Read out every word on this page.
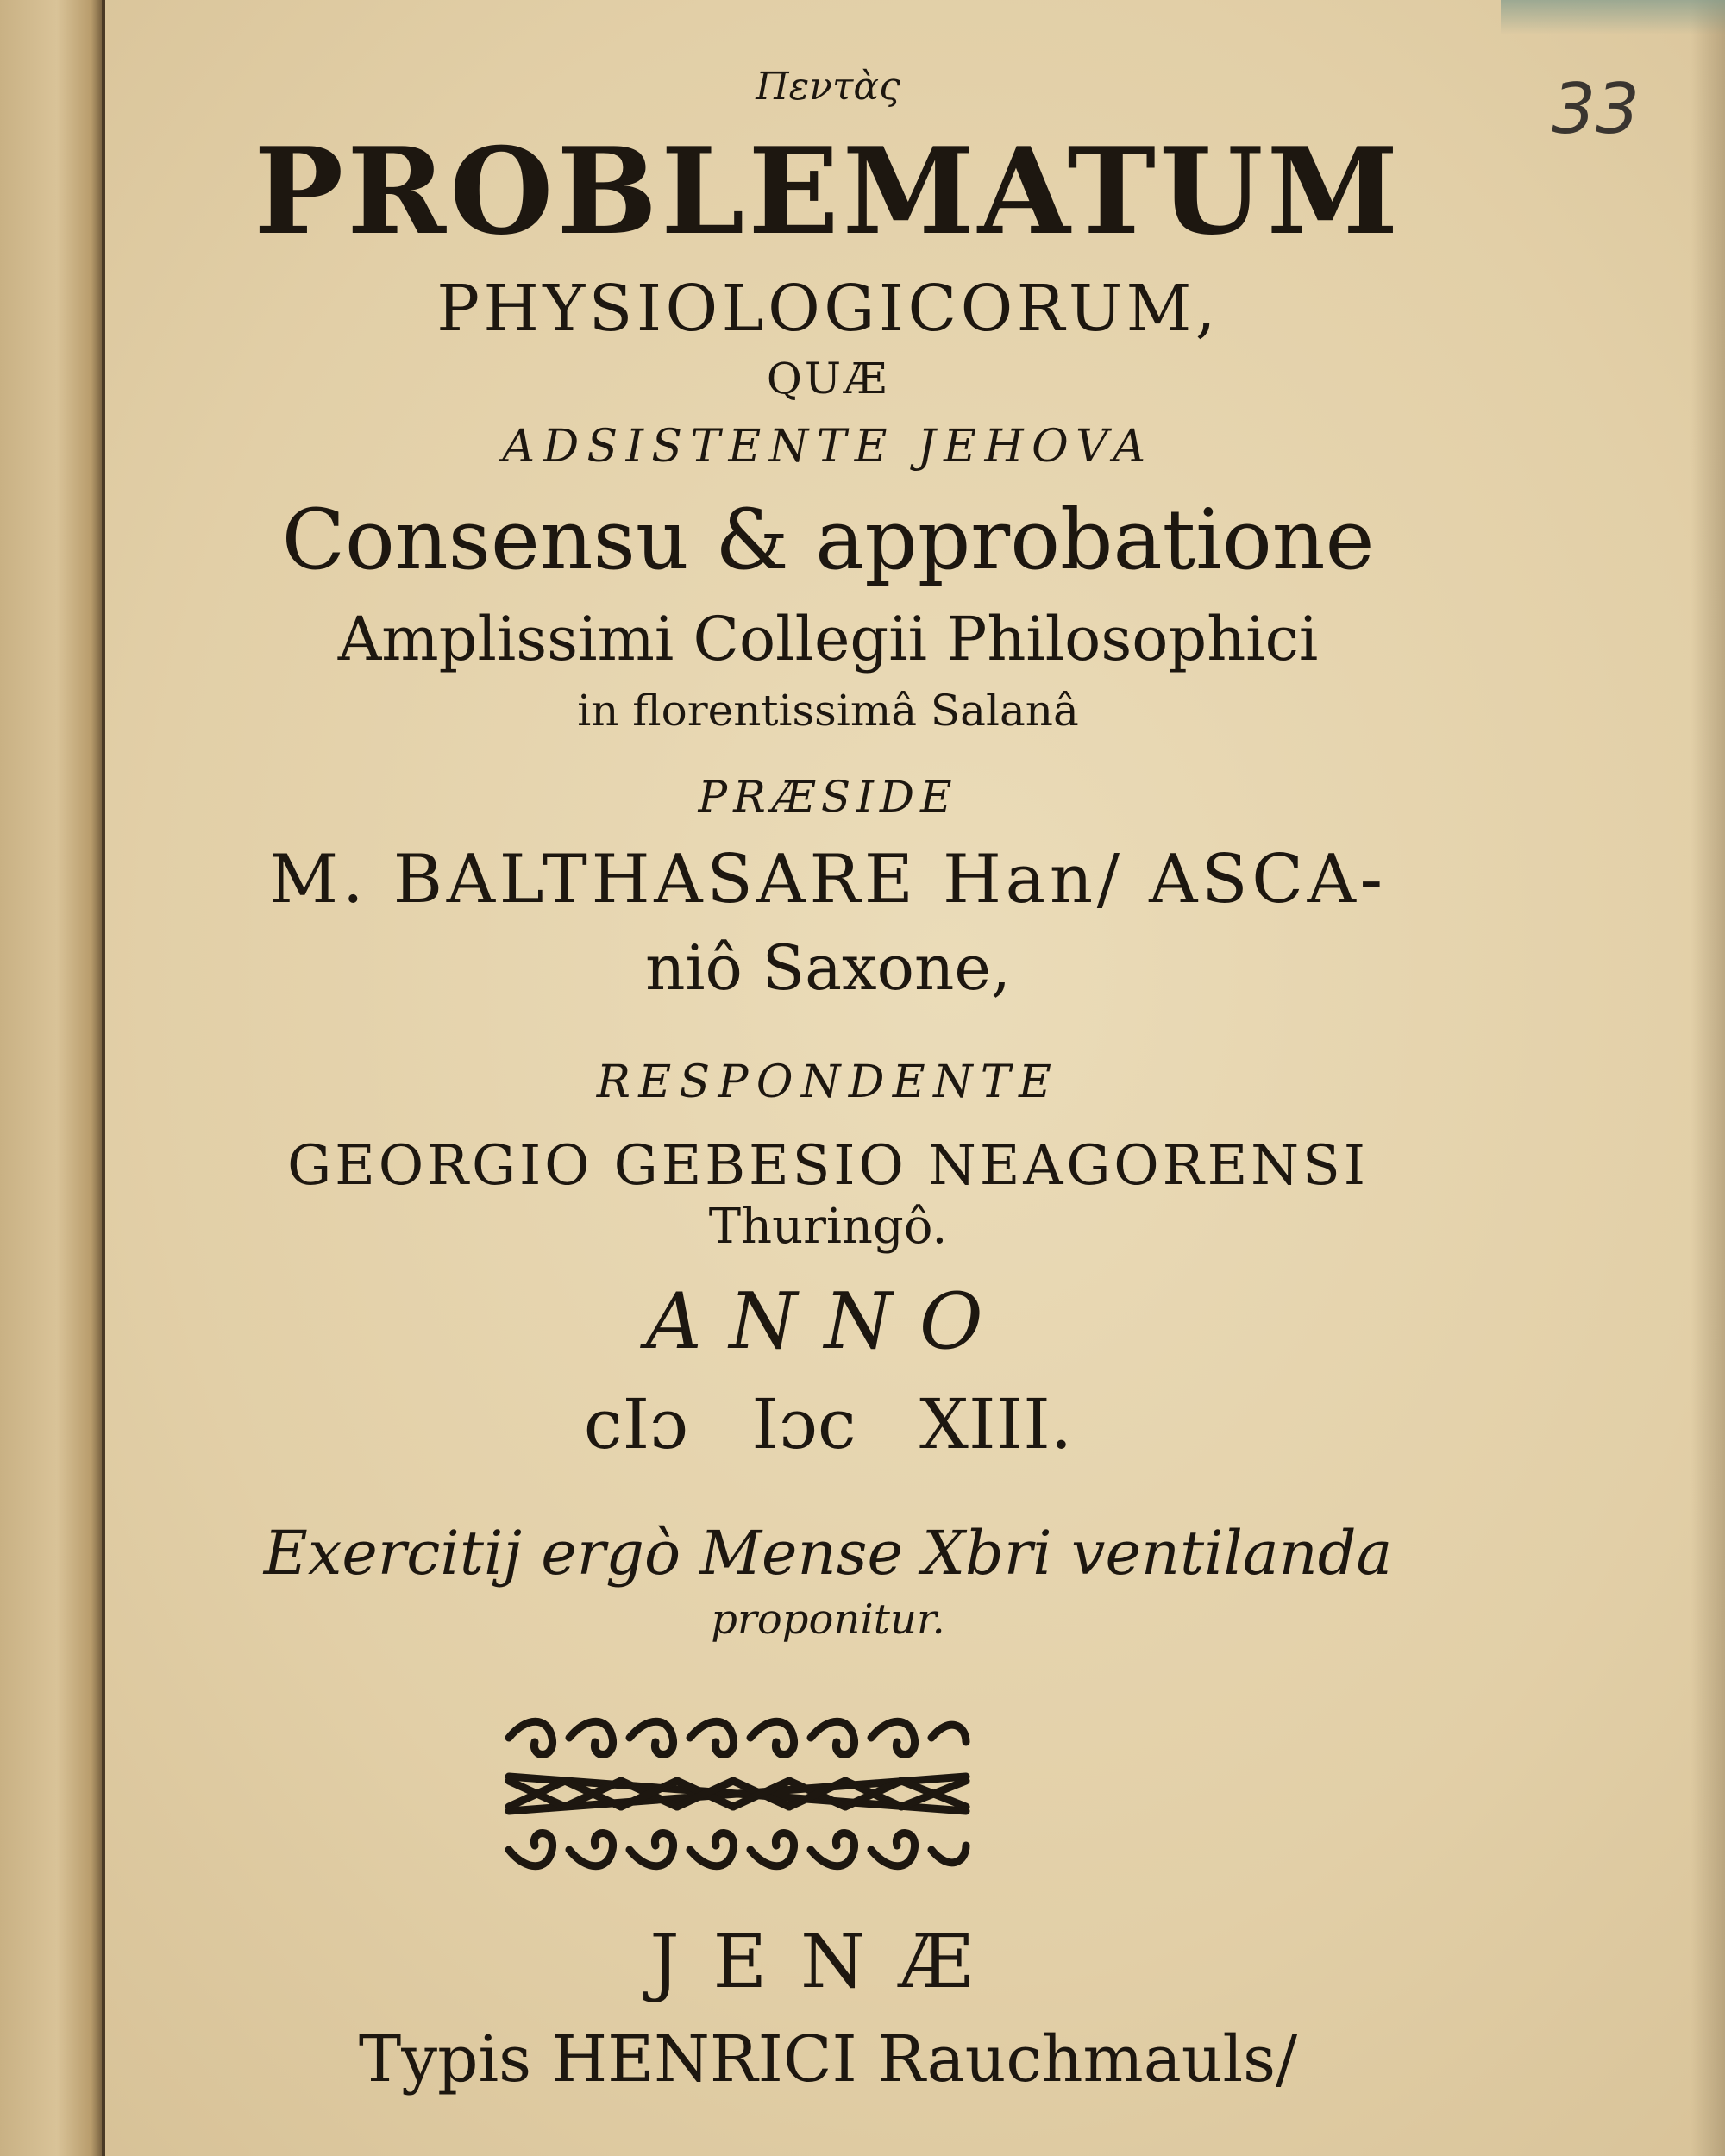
33
Πεντὰς
PROBLEMATUM
PHYSIOLOGICORUM,
QUÆ
ADSISTENTE JEHOVA
Consensu & approbatione
Amplissimi Collegii Philosophici
in florentissimâ Salanâ
PRÆSIDE
M. BALTHASARE Han/ ASCA-
niô Saxone,
RESPONDENTE
GEORGIO GEBESIO NEAGORENSI
Thuringô.
ANNO
cIɔ Iɔc XIII.
Exercitij ergò Mense Xbri ventilanda
proponitur.
JENÆ
Typis HENRICI Rauchmauls/
